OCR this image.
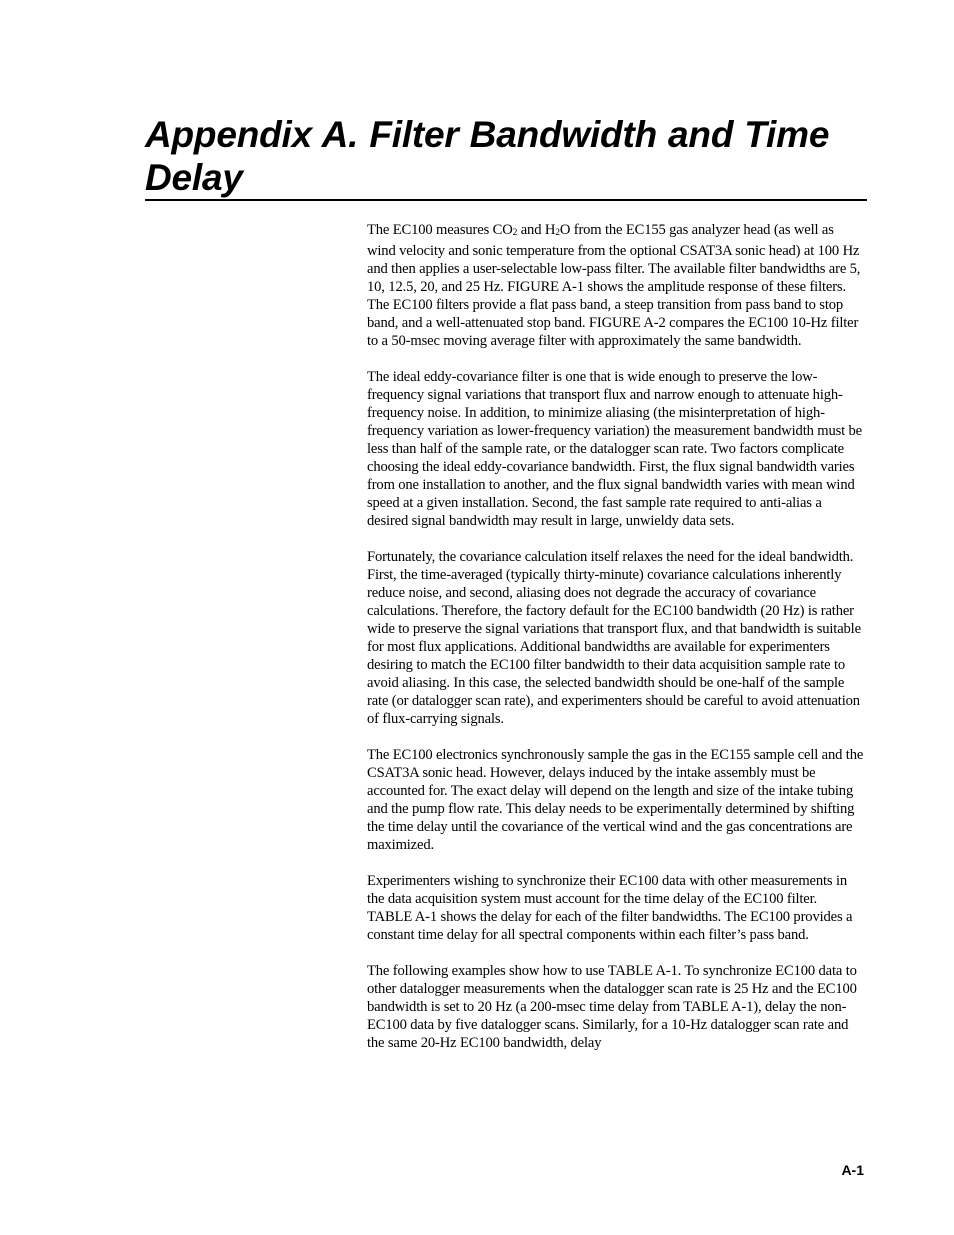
Appendix A. Filter Bandwidth and Time
Delay

The EC100 measures CO2 and H2O from the EC155 gas analyzer head (as well as wind velocity and sonic temperature from the optional CSAT3A sonic head) at 100 Hz and then applies a user-selectable low-pass filter. The available filter bandwidths are 5, 10, 12.5, 20, and 25 Hz. FIGURE A-1 shows the amplitude response of these filters. The EC100 filters provide a flat pass band, a steep transition from pass band to stop band, and a well-attenuated stop band. FIGURE A-2 compares the EC100 10-Hz filter to a 50-msec moving average filter with approximately the same bandwidth.

The ideal eddy-covariance filter is one that is wide enough to preserve the low-frequency signal variations that transport flux and narrow enough to attenuate high-frequency noise. In addition, to minimize aliasing (the misinterpretation of high-frequency variation as lower-frequency variation) the measurement bandwidth must be less than half of the sample rate, or the datalogger scan rate. Two factors complicate choosing the ideal eddy-covariance bandwidth. First, the flux signal bandwidth varies from one installation to another, and the flux signal bandwidth varies with mean wind speed at a given installation. Second, the fast sample rate required to anti-alias a desired signal bandwidth may result in large, unwieldy data sets.

Fortunately, the covariance calculation itself relaxes the need for the ideal bandwidth. First, the time-averaged (typically thirty-minute) covariance calculations inherently reduce noise, and second, aliasing does not degrade the accuracy of covariance calculations. Therefore, the factory default for the EC100 bandwidth (20 Hz) is rather wide to preserve the signal variations that transport flux, and that bandwidth is suitable for most flux applications. Additional bandwidths are available for experimenters desiring to match the EC100 filter bandwidth to their data acquisition sample rate to avoid aliasing. In this case, the selected bandwidth should be one-half of the sample rate (or datalogger scan rate), and experimenters should be careful to avoid attenuation of flux-carrying signals.

The EC100 electronics synchronously sample the gas in the EC155 sample cell and the CSAT3A sonic head. However, delays induced by the intake assembly must be accounted for. The exact delay will depend on the length and size of the intake tubing and the pump flow rate. This delay needs to be experimentally determined by shifting the time delay until the covariance of the vertical wind and the gas concentrations are maximized.

Experimenters wishing to synchronize their EC100 data with other measurements in the data acquisition system must account for the time delay of the EC100 filter. TABLE A-1 shows the delay for each of the filter bandwidths. The EC100 provides a constant time delay for all spectral components within each filter’s pass band.

The following examples show how to use TABLE A-1. To synchronize EC100 data to other datalogger measurements when the datalogger scan rate is 25 Hz and the EC100 bandwidth is set to 20 Hz (a 200-msec time delay from TABLE A-1), delay the non-EC100 data by five datalogger scans. Similarly, for a 10-Hz datalogger scan rate and the same 20-Hz EC100 bandwidth, delay

A-1
